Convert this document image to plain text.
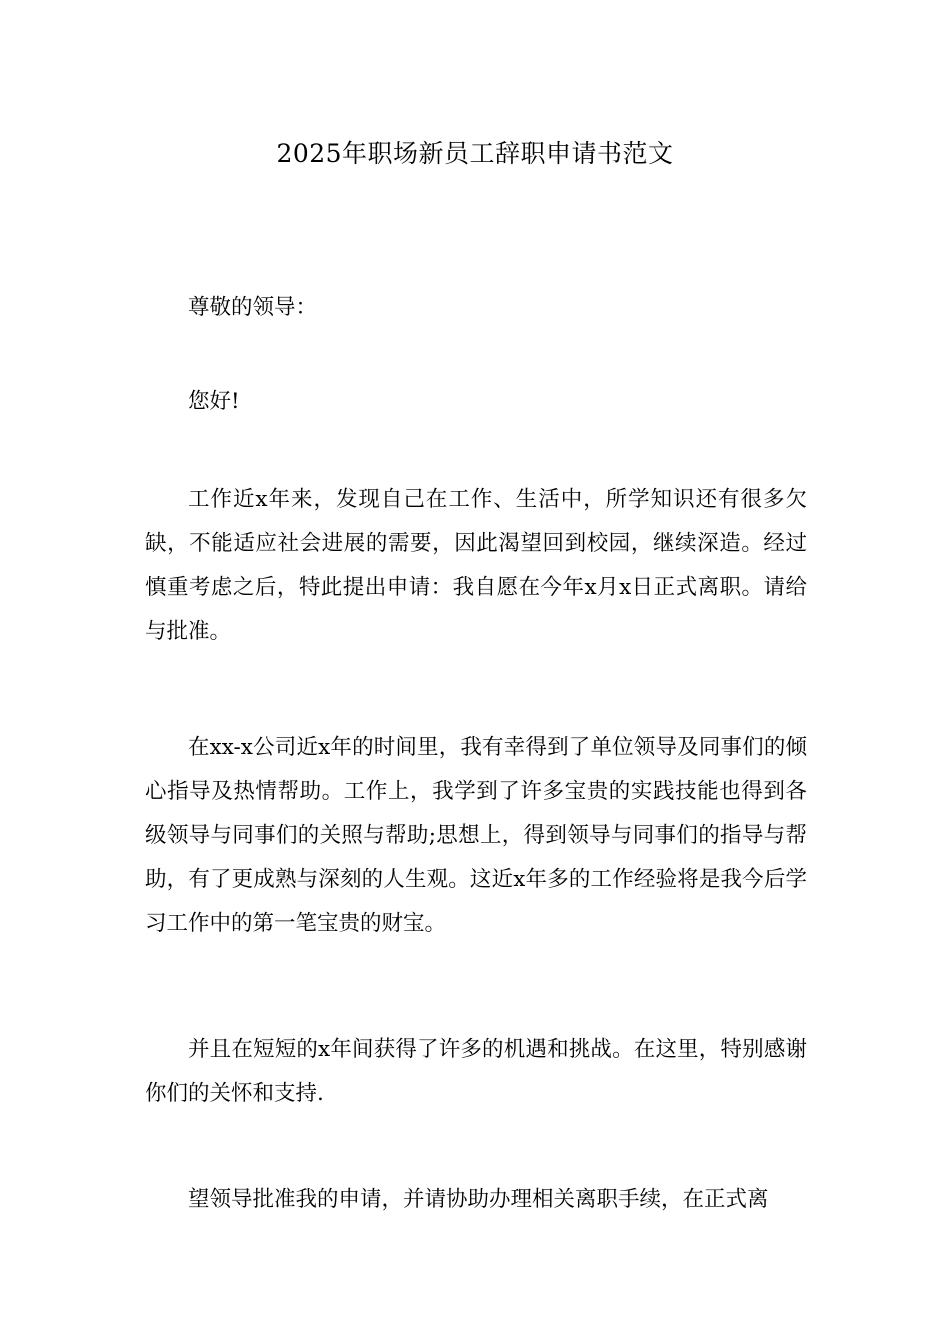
2025年职场新员工辞职申请书范文

尊敬的领导：

您好!

工作近x年来，发现自己在工作、生活中，所学知识还有很多欠缺，不能适应社会进展的需要，因此渴望回到校园，继续深造。经过慎重考虑之后，特此提出申请：我自愿在今年x月x日正式离职。请给与批准。

在xx-x公司近x年的时间里，我有幸得到了单位领导及同事们的倾心指导及热情帮助。工作上，我学到了许多宝贵的实践技能也得到各级领导与同事们的关照与帮助;思想上，得到领导与同事们的指导与帮助，有了更成熟与深刻的人生观。这近x年多的工作经验将是我今后学习工作中的第一笔宝贵的财宝。

并且在短短的x年间获得了许多的机遇和挑战。在这里，特别感谢你们的关怀和支持.

望领导批准我的申请，并请协助办理相关离职手续，在正式离
